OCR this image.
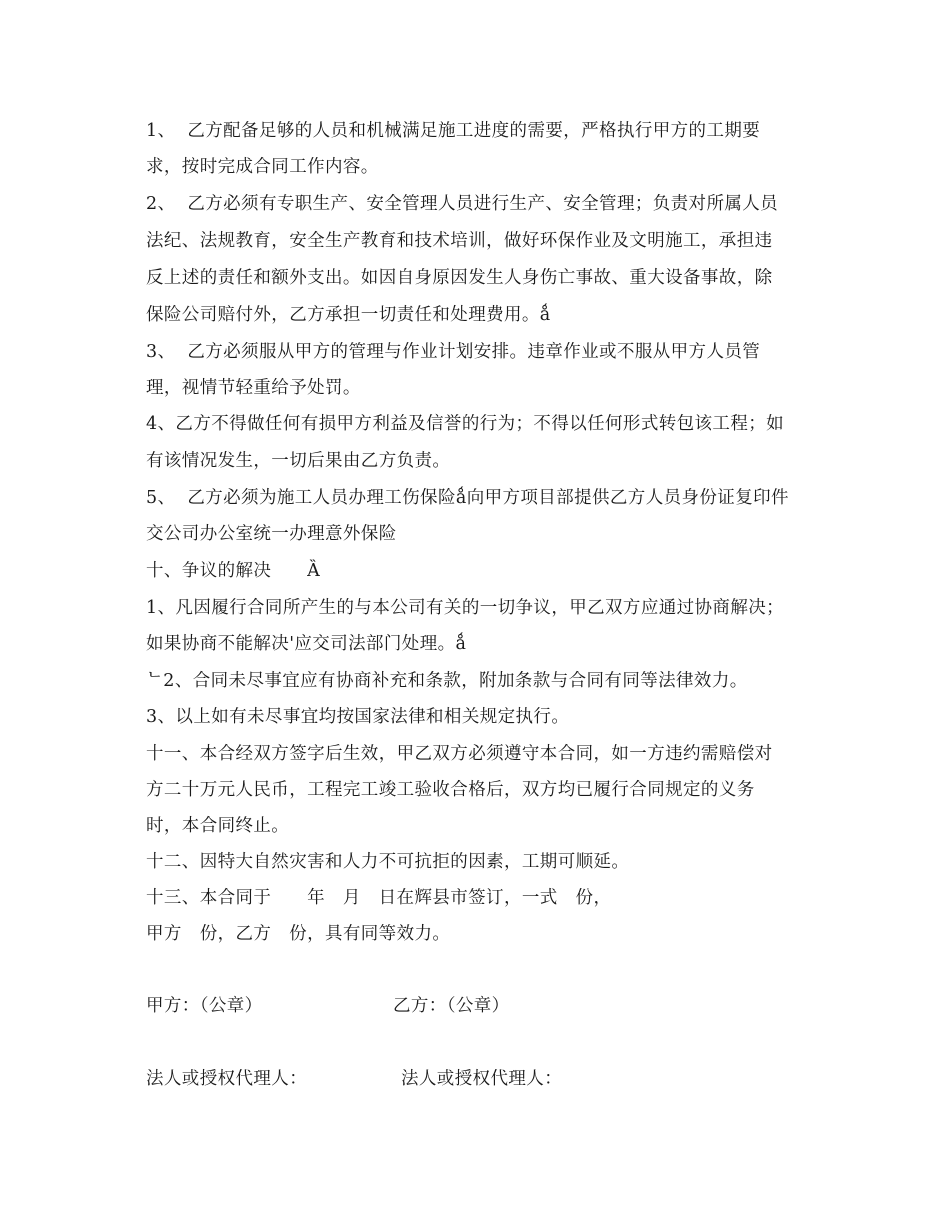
1、  乙方配备足够的人员和机械满足施工进度的需要，严格执行甲方的工期要
求，按时完成合同工作内容。
2、  乙方必须有专职生产、安全管理人员进行生产、安全管理；负责对所属人员
法纪、法规教育，安全生产教育和技术培训，做好环保作业及文明施工，承担违
反上述的责任和额外支出。如因自身原因发生人身伤亡事故、重大设备事故，除
保险公司赔付外，乙方承担一切责任和处理费用。ǻ
3、  乙方必须服从甲方的管理与作业计划安排。违章作业或不服从甲方人员管
理，视情节轻重给予处罚。
4、乙方不得做任何有损甲方利益及信誉的行为；不得以任何形式转包该工程；如
有该情况发生，一切后果由乙方负责。
5、  乙方必须为施工人员办理工伤保险ǻ向甲方项目部提供乙方人员身份证复印件
交公司办公室统一办理意外保险
十、争议的解决      Ȁ
1、凡因履行合同所产生的与本公司有关的一切争议，甲乙双方应通过协商解决；
如果协商不能解决'应交司法部门处理。ǻ
ᄂ2、合同未尽事宜应有协商补充和条款，附加条款与合同有同等法律效力。
3、以上如有未尽事宜均按国家法律和相关规定执行。
十一、本合经双方签字后生效，甲乙双方必须遵守本合同，如一方违约需赔偿对
方二十万元人民币，工程完工竣工验收合格后，双方均已履行合同规定的义务
时，本合同终止。
十二、因特大自然灾害和人力不可抗拒的因素，工期可顺延。
十三、本合同于      年   月   日在辉县市签订，一式   份，
甲方   份，乙方   份，具有同等效力。
甲方：（公章）	乙方：（公章）
法人或授权代理人：	法人或授权代理人：
